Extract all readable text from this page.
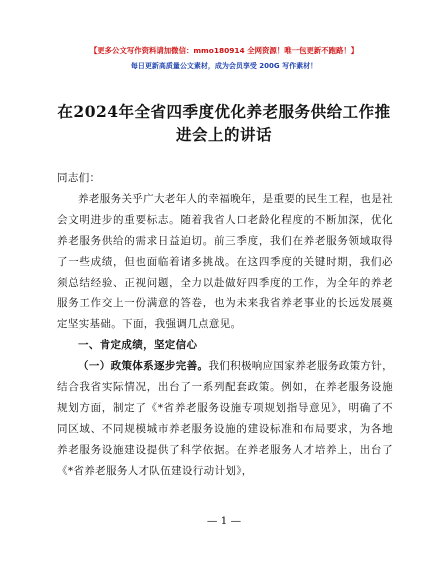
【更多公文写作资料请加微信：mmo180914 全网资源！唯一包更新不跑路！】
每日更新高质量公文素材，成为会员享受 200G 写作素材！
在2024年全省四季度优化养老服务供给工作推进会上的讲话

同志们：

养老服务关乎广大老年人的幸福晚年，是重要的民生工程，也是社会文明进步的重要标志。随着我省人口老龄化程度的不断加深，优化养老服务供给的需求日益迫切。前三季度，我们在养老服务领域取得了一些成绩，但也面临着诸多挑战。在这四季度的关键时期，我们必须总结经验、正视问题，全力以赴做好四季度的工作，为全年的养老服务工作交上一份满意的答卷，也为未来我省养老事业的长远发展奠定坚实基础。下面，我强调几点意见。

一、肯定成绩，坚定信心

（一）政策体系逐步完善。我们积极响应国家养老服务政策方针，结合我省实际情况，出台了一系列配套政策。例如，在养老服务设施规划方面，制定了《*省养老服务设施专项规划指导意见》，明确了不同区域、不同规模城市养老服务设施的建设标准和布局要求，为各地养老服务设施建设提供了科学依据。在养老服务人才培养上，出台了《*省养老服务人才队伍建设行动计划》，

— 1 —
